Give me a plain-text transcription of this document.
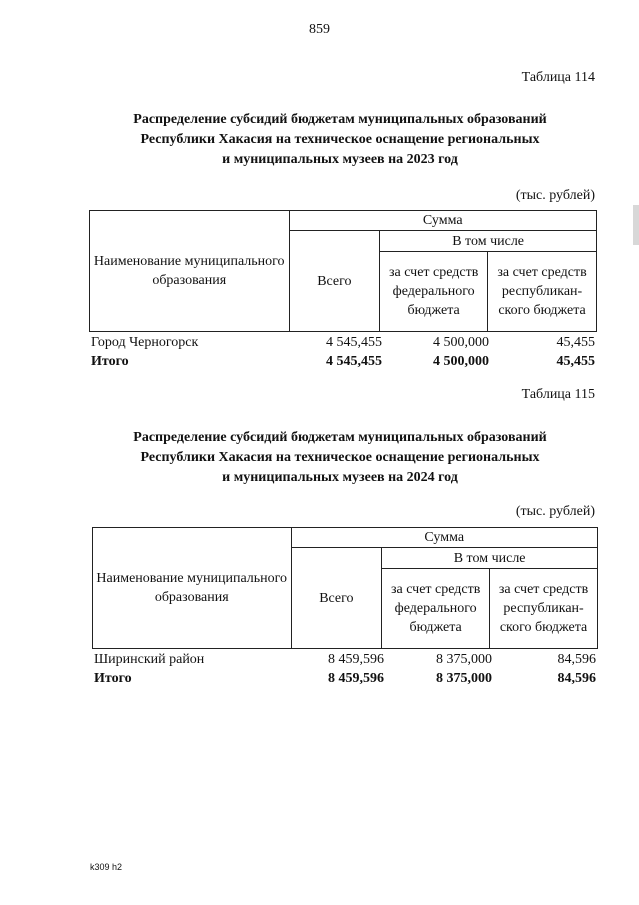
859
Таблица 114
Распределение субсидий бюджетам муниципальных образований
Республики Хакасия на техническое оснащение региональных
и муниципальных музеев на 2023 год
(тыс. рублей)
Наименование муниципального образования	Сумма		
	Всего	В том числе	
		за счет средств федерального бюджета	за счет средств республикан-ского бюджета
Город Черногорск	4 545,455	4 500,000	45,455
Итого	4 545,455	4 500,000	45,455
Таблица 115
Распределение субсидий бюджетам муниципальных образований
Республики Хакасия на техническое оснащение региональных
и муниципальных музеев на 2024 год
(тыс. рублей)
Наименование муниципального образования	Сумма		
	Всего	В том числе	
		за счет средств федерального бюджета	за счет средств республикан-ского бюджета
Ширинский район	8 459,596	8 375,000	84,596
Итого	8 459,596	8 375,000	84,596
k309 h2
